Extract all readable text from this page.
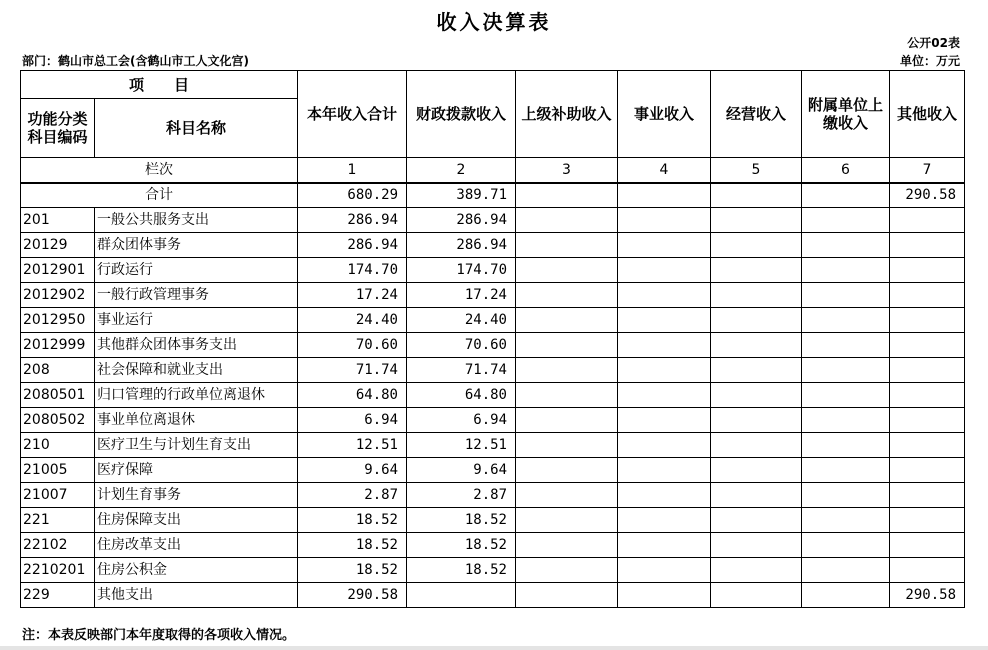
收入决算表
公开02表
部门：鹤山市总工会(含鹤山市工人文化宫)	单位：万元
项　　目		本年收入合计	财政拨款收入	上级补助收入	事业收入	经营收入	附属单位上缴收入	其他收入
功能分类科目编码	科目名称							
栏次		1	2	3	4	5	6	7
合计		680.29	389.71					290.58
201	一般公共服务支出	286.94	286.94					
20129	群众团体事务	286.94	286.94					
2012901	行政运行	174.70	174.70					
2012902	一般行政管理事务	17.24	17.24					
2012950	事业运行	24.40	24.40					
2012999	其他群众团体事务支出	70.60	70.60					
208	社会保障和就业支出	71.74	71.74					
2080501	归口管理的行政单位离退休	64.80	64.80					
2080502	事业单位离退休	6.94	6.94					
210	医疗卫生与计划生育支出	12.51	12.51					
21005	医疗保障	9.64	9.64					
21007	计划生育事务	2.87	2.87					
221	住房保障支出	18.52	18.52					
22102	住房改革支出	18.52	18.52					
2210201	住房公积金	18.52	18.52					
229	其他支出	290.58						290.58
注：本表反映部门本年度取得的各项收入情况。
